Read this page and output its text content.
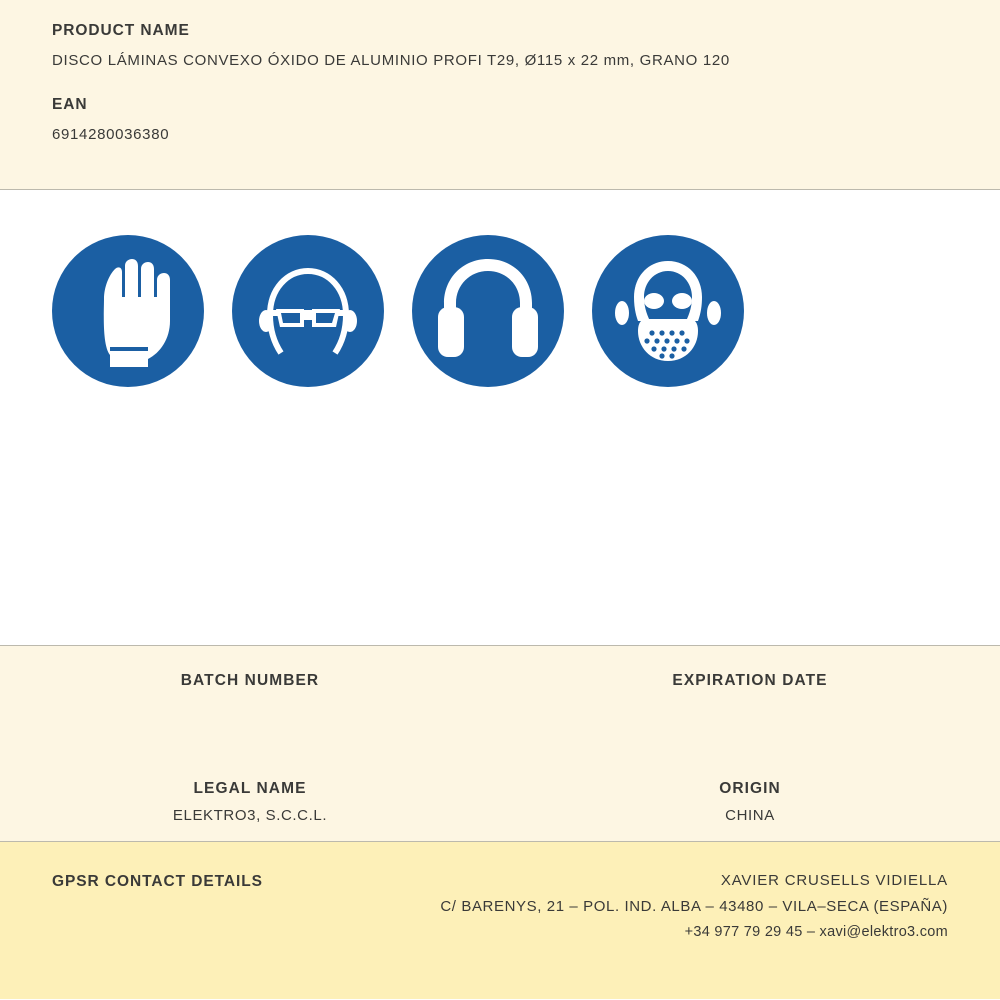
PRODUCT NAME
DISCO LÁMINAS CONVEXO ÓXIDO DE ALUMINIO PROFI T29, Ø115 x 22 mm, GRANO 120
EAN
6914280036380
BATCH NUMBER	EXPIRATION DATE
LEGAL NAME
ELEKTRO3, S.C.C.L.
ORIGIN
CHINA
GPSR CONTACT DETAILS	XAVIER CRUSELLS VIDIELLA
C/ BARENYS, 21 – POL. IND. ALBA – 43480 – VILA–SECA (ESPAÑA)
+34 977 79 29 45 – xavi@elektro3.com
